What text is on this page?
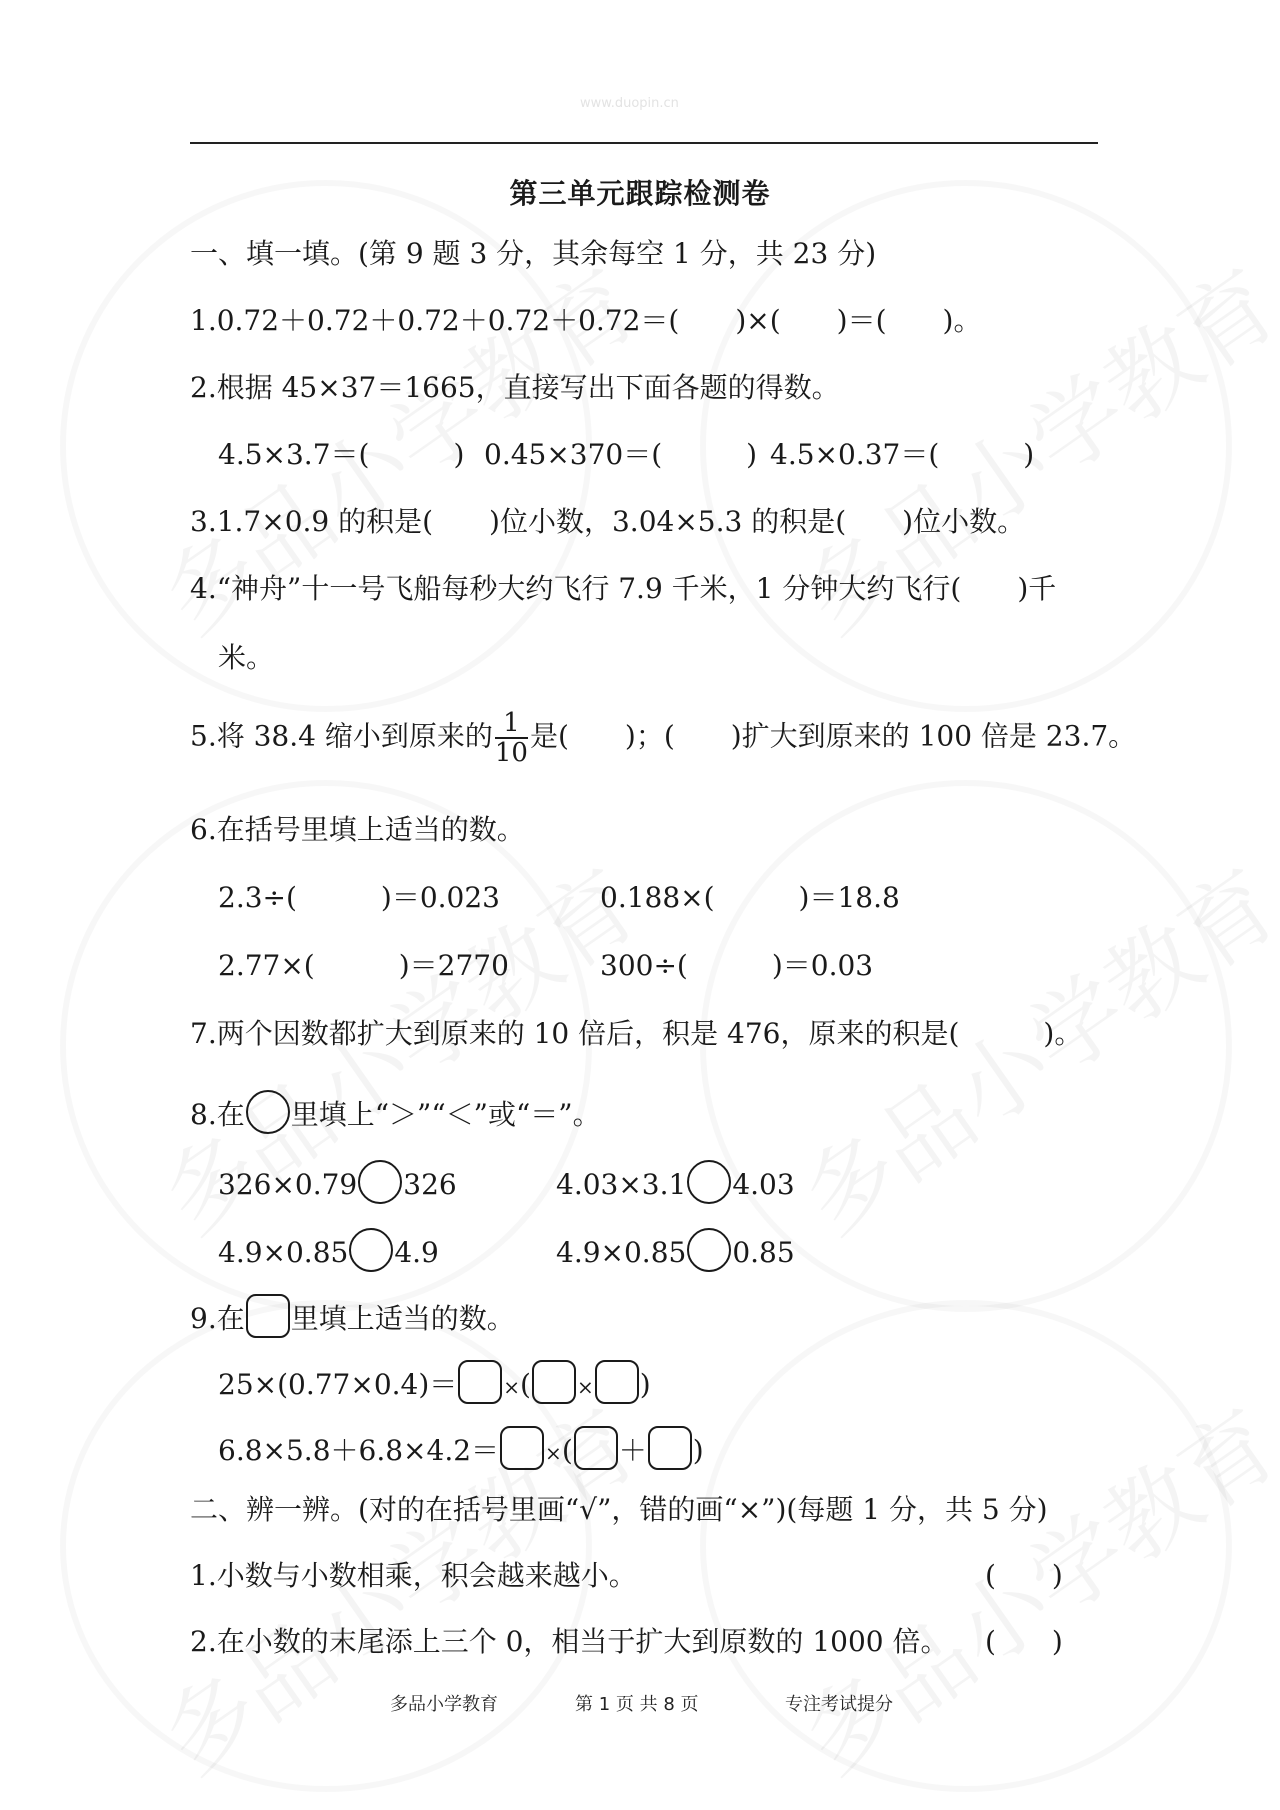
www.duopin.cn
第三单元跟踪检测卷
一、填一填。(第 9 题 3 分，其余每空 1 分，共 23 分)
1.0.72＋0.72＋0.72＋0.72＋0.72＝(　　)×(　　)＝(　　)。
2.根据 45×37＝1665，直接写出下面各题的得数。
4.5×3.7＝(　　　) 0.45×370＝(　　　) 4.5×0.37＝(　　　)
3.1.7×0.9 的积是(　　)位小数，3.04×5.3 的积是(　　)位小数。
4.“神舟”十一号飞船每秒大约飞行 7.9 千米，1 分钟大约飞行(　　)千
米。
5.将 38.4 缩小到原来的 $\frac{1}{10}$ 是(　　)；(　　)扩大到原来的 100 倍是 23.7。
6.在括号里填上适当的数。
2.3÷(　　　)＝0.023	0.188×(　　　)＝18.8
2.77×(　　　)＝2770	300÷(　　　)＝0.03
7.两个因数都扩大到原来的 10 倍后，积是 476，原来的积是(　　　)。
8.在 里填上“＞”“＜”或“＝”。
326×0.79 326	4.03×3.1 4.03
4.9×0.85 4.9	4.9×0.85 0.85
9.在 里填上适当的数。
25×(0.77×0.4)＝ ×( × )
6.8×5.8＋6.8×4.2＝ ×( ＋ )
二、辨一辨。(对的在括号里画“√”，错的画“×”)(每题 1 分，共 5 分)
1.小数与小数相乘，积会越来越小。	(　　)
2.在小数的末尾添上三个 0，相当于扩大到原数的 1000 倍。 (　　)
多品小学教育	第 1 页 共 8 页	专注考试提分
